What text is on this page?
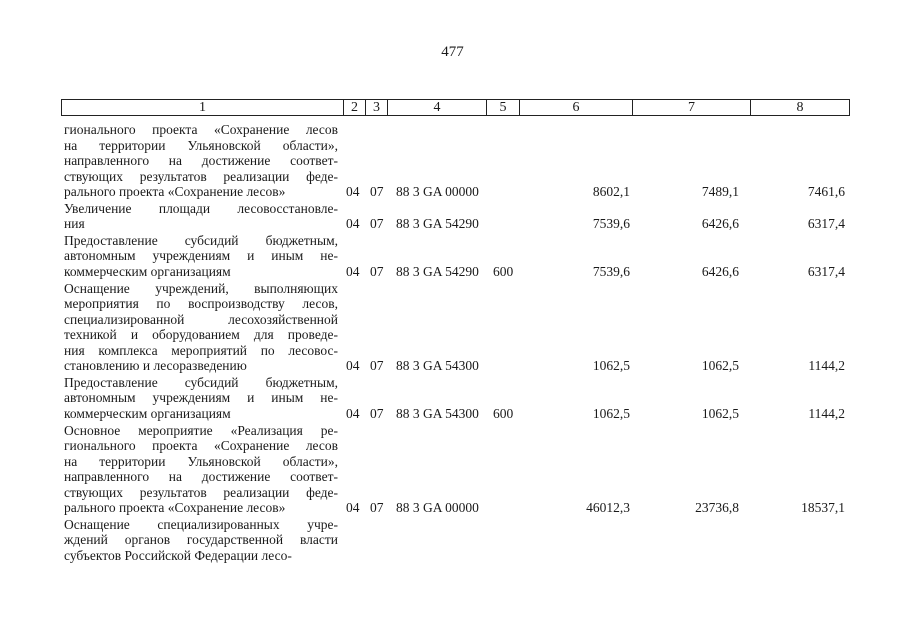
477
1	2	3	4	5	6	7	8
гионального проекта «Сохранение лесов
на территории Ульяновской области»,
направленного на достижение соответ-
ствующих результатов реализации феде-
рального проекта «Сохранение лесов»	04 07 88 3 GA 00000	8602,1	7489,1	7461,6
Увеличение площади лесовосстановле-
ния	04 07 88 3 GA 54290	7539,6	6426,6	6317,4
Предоставление субсидий бюджетным,
автономным учреждениям и иным не-
коммерческим организациям	04 07 88 3 GA 54290 600	7539,6	6426,6	6317,4
Оснащение учреждений, выполняющих
мероприятия по воспроизводству лесов,
специализированной лесохозяйственной
техникой и оборудованием для проведе-
ния комплекса мероприятий по лесовос-
становлению и лесоразведению	04 07 88 3 GA 54300	1062,5	1062,5	1144,2
Предоставление субсидий бюджетным,
автономным учреждениям и иным не-
коммерческим организациям	04 07 88 3 GA 54300 600	1062,5	1062,5	1144,2
Основное мероприятие «Реализация ре-
гионального проекта «Сохранение лесов
на территории Ульяновской области»,
направленного на достижение соответ-
ствующих результатов реализации феде-
рального проекта «Сохранение лесов»	04 07 88 3 GA 00000	46012,3	23736,8	18537,1
Оснащение специализированных учре-
ждений органов государственной власти
субъектов Российской Федерации лесо-
